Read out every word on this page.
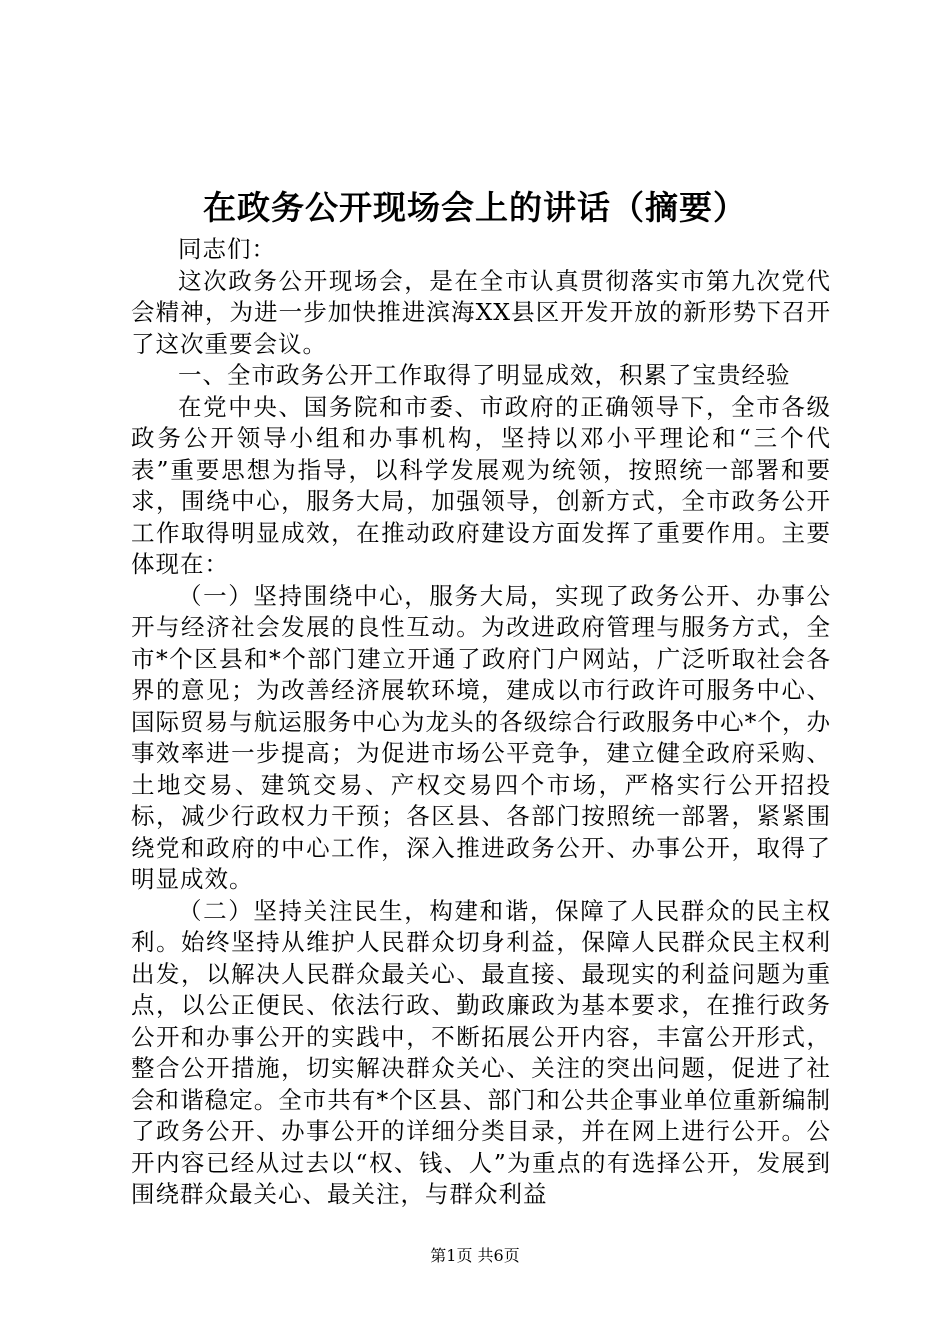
在政务公开现场会上的讲话（摘要）

同志们：

这次政务公开现场会，是在全市认真贯彻落实市第九次党代会精神，为进一步加快推进滨海XX县区开发开放的新形势下召开了这次重要会议。

一、全市政务公开工作取得了明显成效，积累了宝贵经验

在党中央、国务院和市委、市政府的正确领导下，全市各级政务公开领导小组和办事机构，坚持以邓小平理论和“三个代表”重要思想为指导，以科学发展观为统领，按照统一部署和要求，围绕中心，服务大局，加强领导，创新方式，全市政务公开工作取得明显成效，在推动政府建设方面发挥了重要作用。主要体现在：

（一）坚持围绕中心，服务大局，实现了政务公开、办事公开与经济社会发展的良性互动。为改进政府管理与服务方式，全市*个区县和*个部门建立开通了政府门户网站，广泛听取社会各界的意见；为改善经济展软环境，建成以市行政许可服务中心、国际贸易与航运服务中心为龙头的各级综合行政服务中心*个，办事效率进一步提高；为促进市场公平竞争，建立健全政府采购、土地交易、建筑交易、产权交易四个市场，严格实行公开招投标，减少行政权力干预；各区县、各部门按照统一部署，紧紧围绕党和政府的中心工作，深入推进政务公开、办事公开，取得了明显成效。

（二）坚持关注民生，构建和谐，保障了人民群众的民主权利。始终坚持从维护人民群众切身利益，保障人民群众民主权利出发，以解决人民群众最关心、最直接、最现实的利益问题为重点，以公正便民、依法行政、勤政廉政为基本要求，在推行政务公开和办事公开的实践中，不断拓展公开内容，丰富公开形式，整合公开措施，切实解决群众关心、关注的突出问题，促进了社会和谐稳定。全市共有*个区县、部门和公共企事业单位重新编制了政务公开、办事公开的详细分类目录，并在网上进行公开。公开内容已经从过去以“权、钱、人”为重点的有选择公开，发展到围绕群众最关心、最关注，与群众利益

第1页 共6页
